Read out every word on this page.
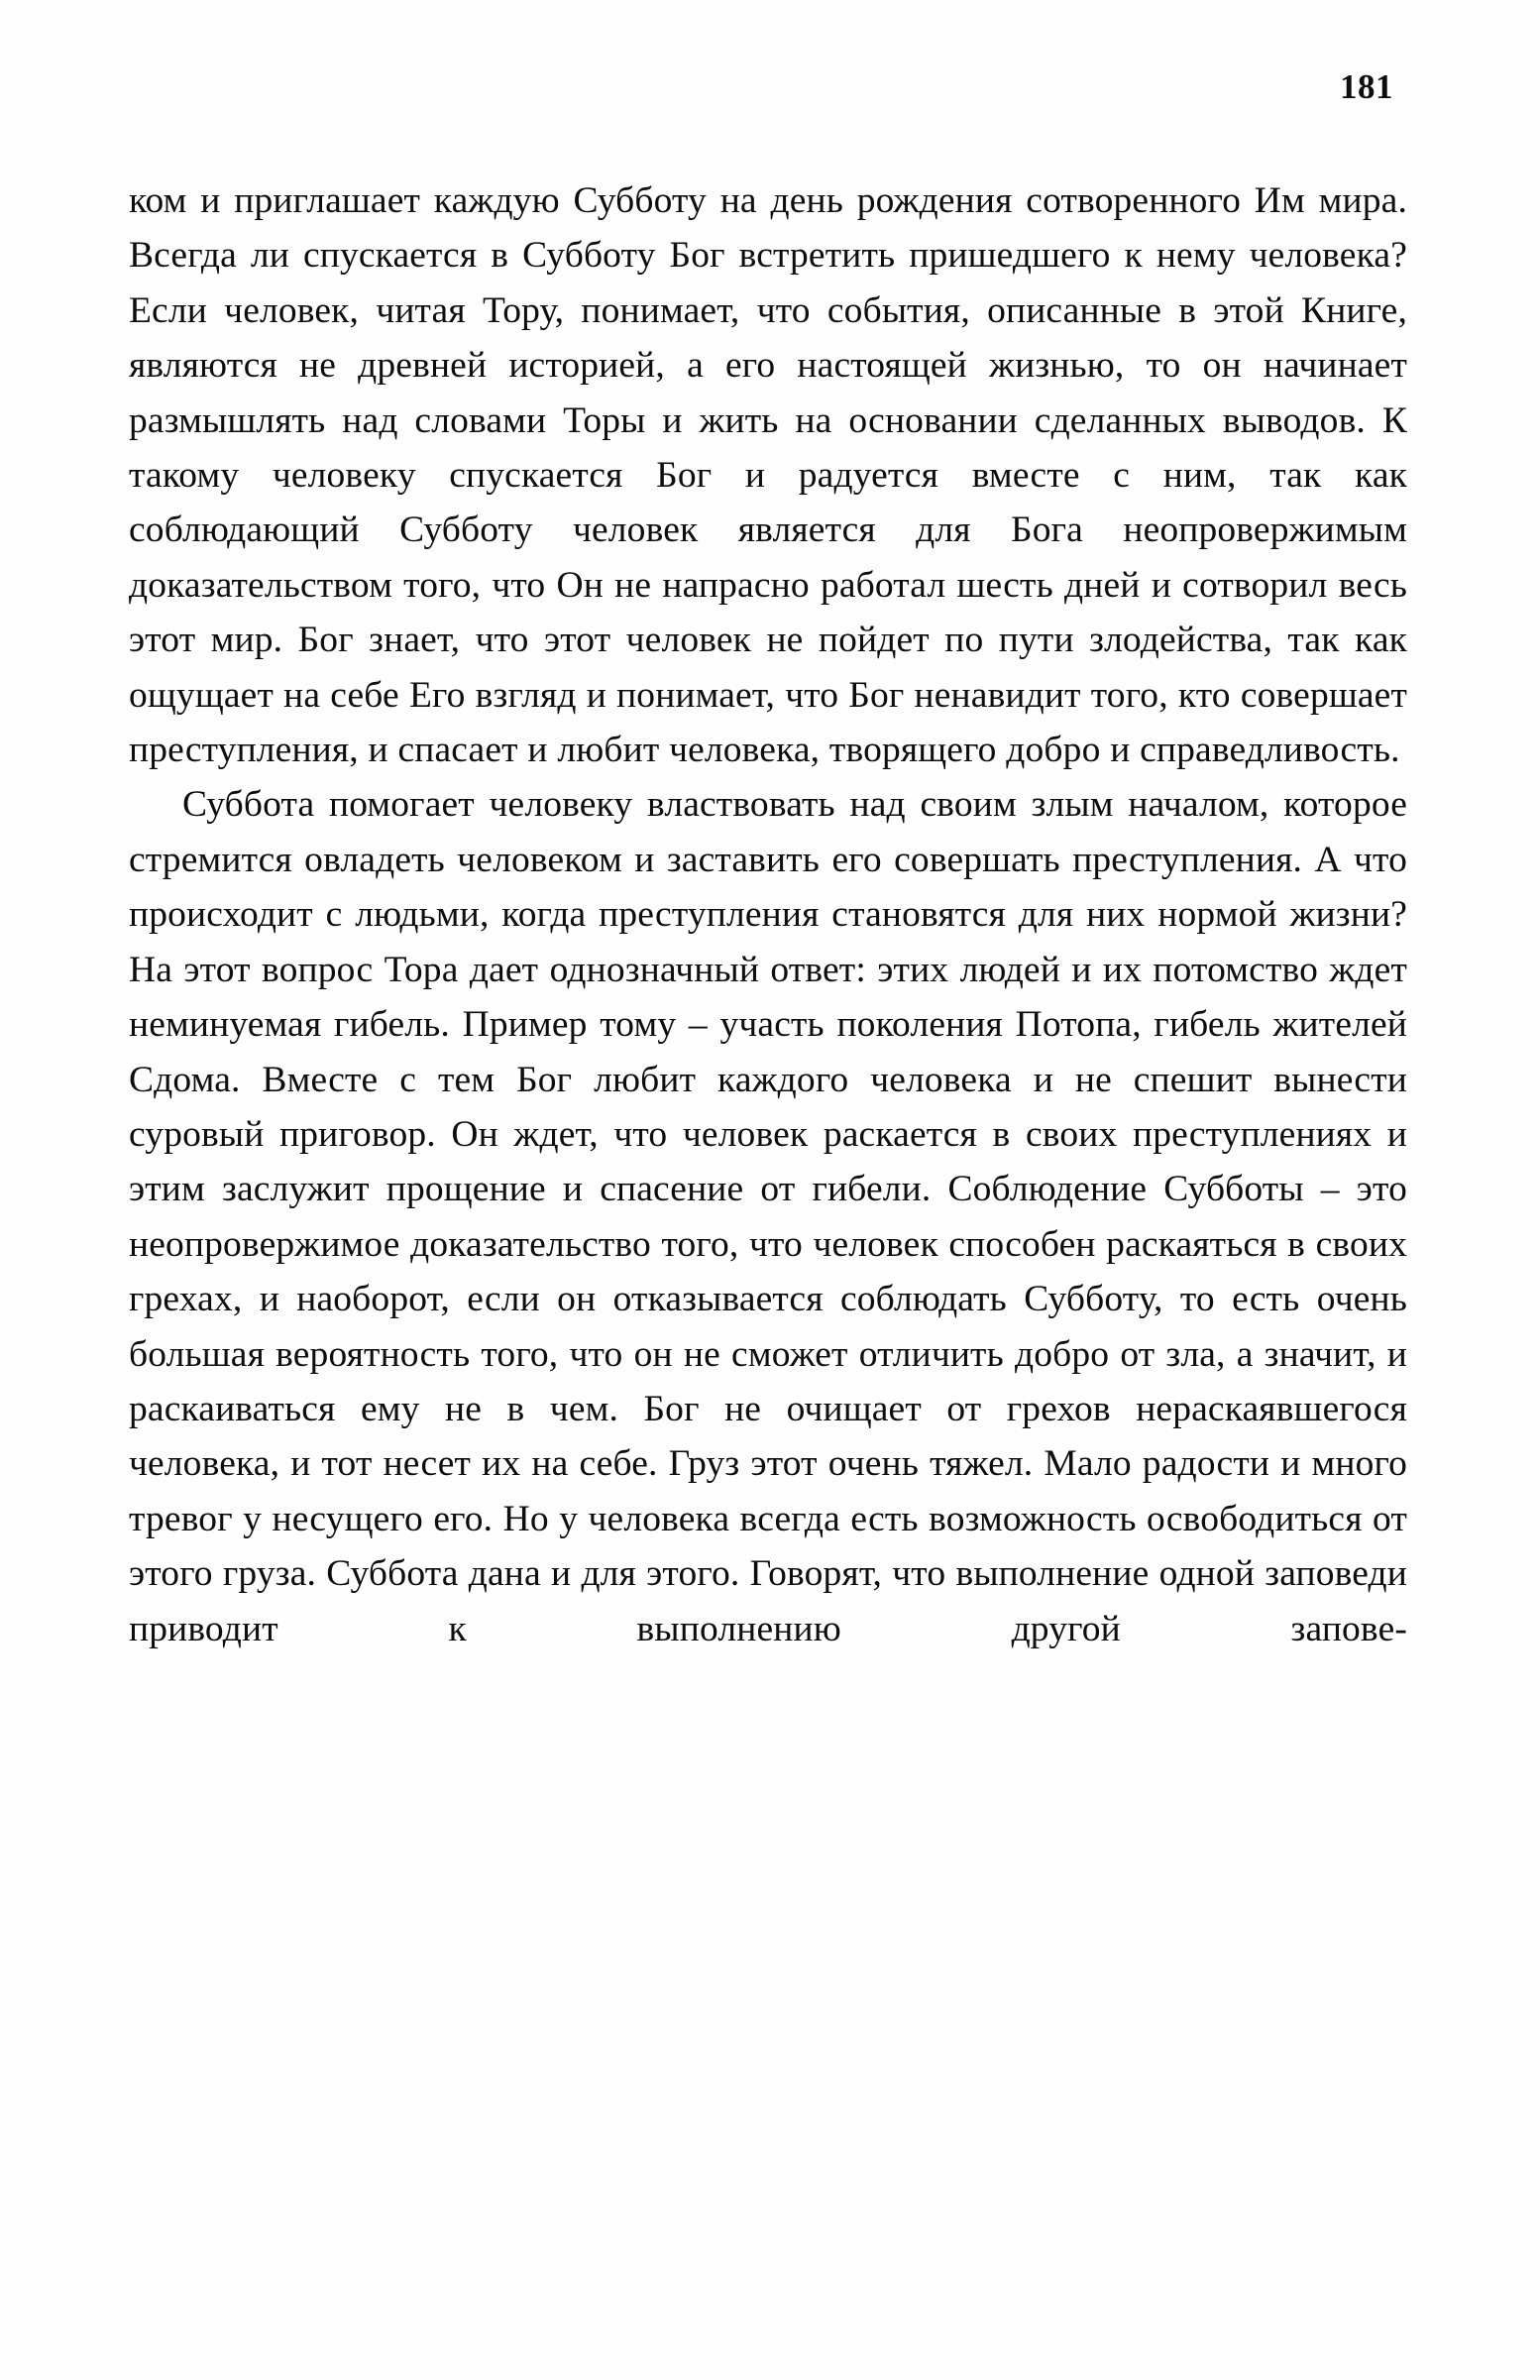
181

ком и приглашает каждую Субботу на день рождения сотворенного Им мира. Всегда ли спускается в Субботу Бог встретить пришедшего к нему человека? Если человек, читая Тору, понимает, что события, описанные в этой Книге, являются не древней историей, а его настоящей жизнью, то он начинает размышлять над словами Торы и жить на основании сделанных выводов. К такому человеку спускается Бог и радуется вместе с ним, так как соблюдающий Субботу человек является для Бога неопровержимым доказательством того, что Он не напрасно работал шесть дней и сотворил весь этот мир. Бог знает, что этот человек не пойдет по пути злодейства, так как ощущает на себе Его взгляд и понимает, что Бог ненавидит того, кто совершает преступления, и спасает и любит человека, творящего добро и справедливость.

Суббота помогает человеку властвовать над своим злым началом, которое стремится овладеть человеком и заставить его совершать преступления. А что происходит с людьми, когда преступления становятся для них нормой жизни? На этот вопрос Тора дает однозначный ответ: этих людей и их потомство ждет неминуемая гибель. Пример тому – участь поколения Потопа, гибель жителей Сдома. Вместе с тем Бог любит каждого человека и не спешит вынести суровый приговор. Он ждет, что человек раскается в своих преступлениях и этим заслужит прощение и спасение от гибели. Соблюдение Субботы – это неопровержимое доказательство того, что человек способен раскаяться в своих грехах, и наоборот, если он отказывается соблюдать Субботу, то есть очень большая вероятность того, что он не сможет отличить добро от зла, а значит, и раскаиваться ему не в чем. Бог не очищает от грехов нераскаявшегося человека, и тот несет их на себе. Груз этот очень тяжел. Мало радости и много тревог у несущего его. Но у человека всегда есть возможность освободиться от этого груза. Суббота дана и для этого. Говорят, что выполнение одной заповеди приводит к выполнению другой запове-
